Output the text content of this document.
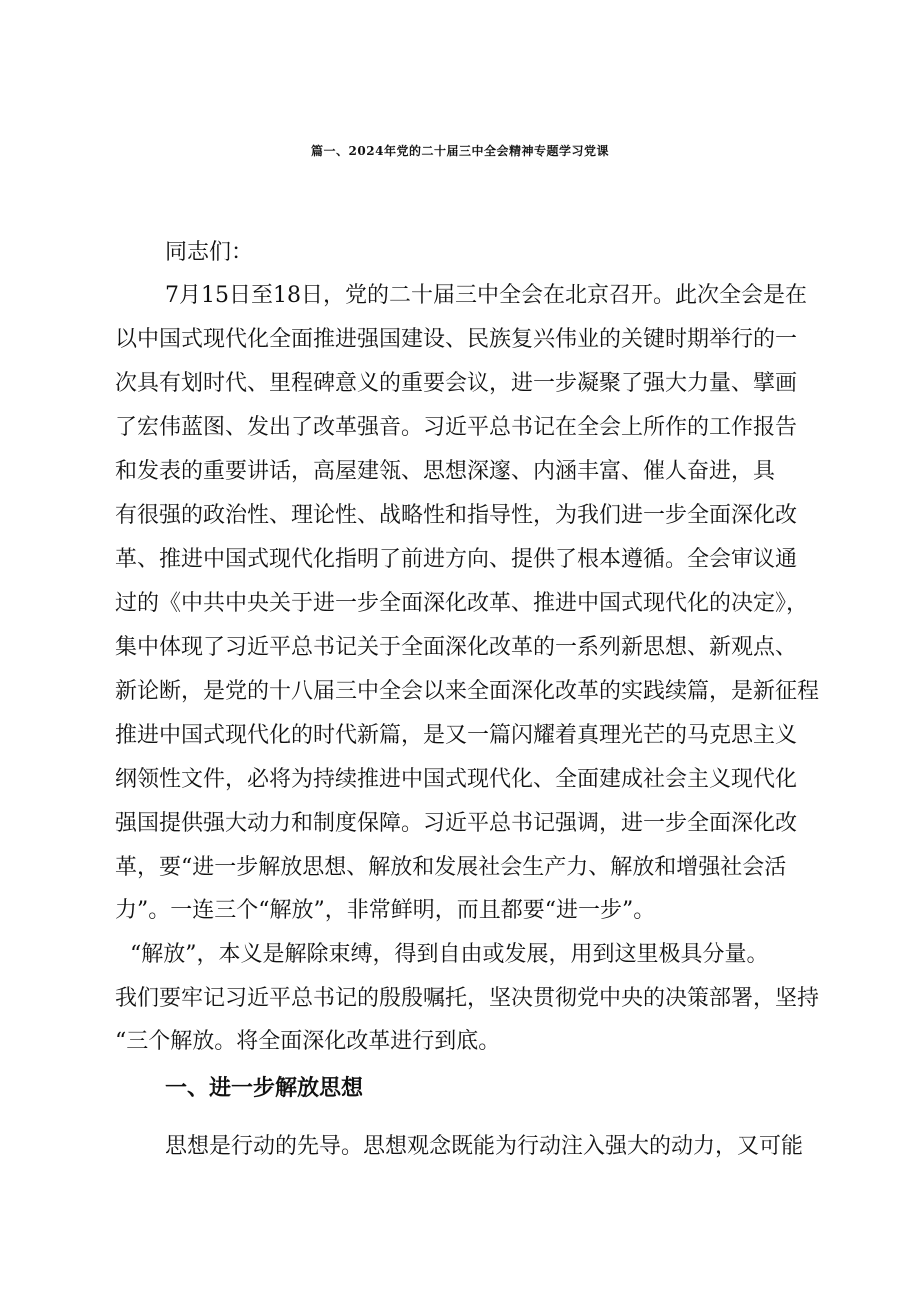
篇一、2024年党的二十届三中全会精神专题学习党课
同志们：
7月15日至18日，党的二十届三中全会在北京召开。此次全会是在
以中国式现代化全面推进强国建设、民族复兴伟业的关键时期举行的一
次具有划时代、里程碑意义的重要会议，进一步凝聚了强大力量、擘画
了宏伟蓝图、发出了改革强音。习近平总书记在全会上所作的工作报告
和发表的重要讲话，高屋建瓴、思想深邃、内涵丰富、催人奋进，具
有很强的政治性、理论性、战略性和指导性，为我们进一步全面深化改
革、推进中国式现代化指明了前进方向、提供了根本遵循。全会审议通
过的《中共中央关于进一步全面深化改革、推进中国式现代化的决定》，
集中体现了习近平总书记关于全面深化改革的一系列新思想、新观点、
新论断，是党的十八届三中全会以来全面深化改革的实践续篇，是新征程
推进中国式现代化的时代新篇，是又一篇闪耀着真理光芒的马克思主义
纲领性文件，必将为持续推进中国式现代化、全面建成社会主义现代化
强国提供强大动力和制度保障。习近平总书记强调，进一步全面深化改
革，要“进一步解放思想、解放和发展社会生产力、解放和增强社会活
力”。一连三个“解放”，非常鲜明，而且都要“进一步”。
“解放”，本义是解除束缚，得到自由或发展，用到这里极具分量。
我们要牢记习近平总书记的殷殷嘱托，坚决贯彻党中央的决策部署，坚持
“三个解放。将全面深化改革进行到底。
一、进一步解放思想
思想是行动的先导。思想观念既能为行动注入强大的动力，又可能
